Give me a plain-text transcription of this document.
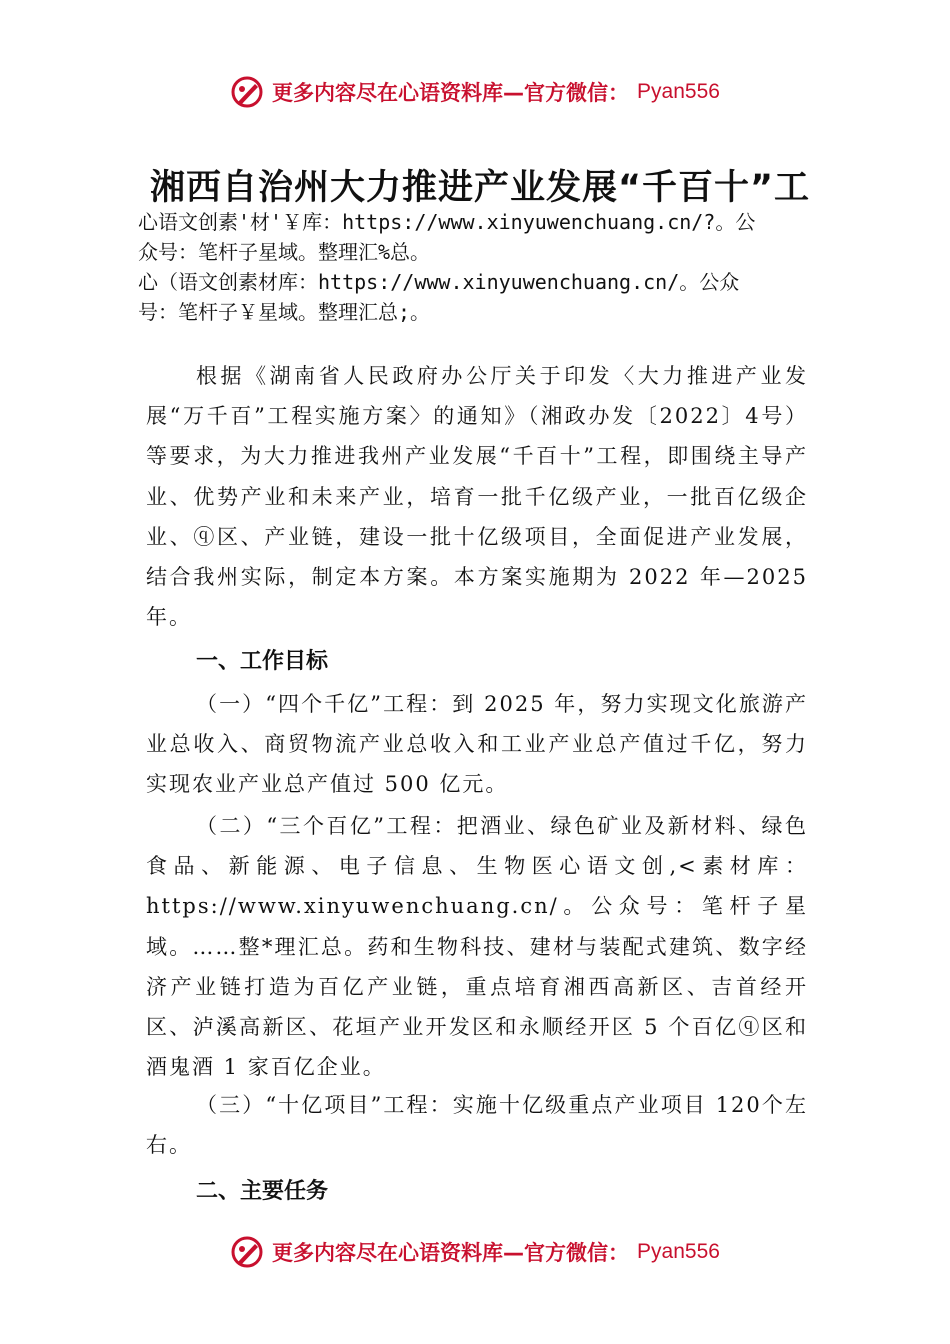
更多内容尽在心语资料库—官方微信： Pyan556
湘西自治州大力推进产业发展“千百十”工
心语文创素'材'￥库：https://www.xinyuwenchuang.cn/?。公
众号：笔杆子星域。整理汇%总。
心（语文创素材库：https://www.xinyuwenchuang.cn/。公众
号：笔杆子￥星域。整理汇总;。
根据《湖南省人民政府办公厅关于印发〈大力推进产业发展“万千百”工程实施方案〉的通知》（湘政办发〔2022〕4号）等要求，为大力推进我州产业发展“千百十”工程，即围绕主导产业、优势产业和未来产业，培育一批千亿级产业，一批百亿级企业、ⓠ区、产业链，建设一批十亿级项目，全面促进产业发展，结合我州实际，制定本方案。本方案实施期为 2022 年—2025 年。
一、工作目标
（一）“四个千亿”工程：到 2025 年，努力实现文化旅游产业总收入、商贸物流产业总收入和工业产业总产值过千亿，努力实现农业产业总产值过 500 亿元。
（二）“三个百亿”工程：把酒业、绿色矿业及新材料、绿色食品、新能源、电子信息、生物医心语文创,<素材库：https://www.xinyuwenchuang.cn/。公众号：笔杆子星域。……整*理汇总。药和生物科技、建材与装配式建筑、数字经济产业链打造为百亿产业链，重点培育湘西高新区、吉首经开区、泸溪高新区、花垣产业开发区和永顺经开区 5 个百亿ⓠ区和酒鬼酒 1 家百亿企业。
（三）“十亿项目”工程：实施十亿级重点产业项目 120个左右。
二、主要任务
更多内容尽在心语资料库—官方微信： Pyan556
